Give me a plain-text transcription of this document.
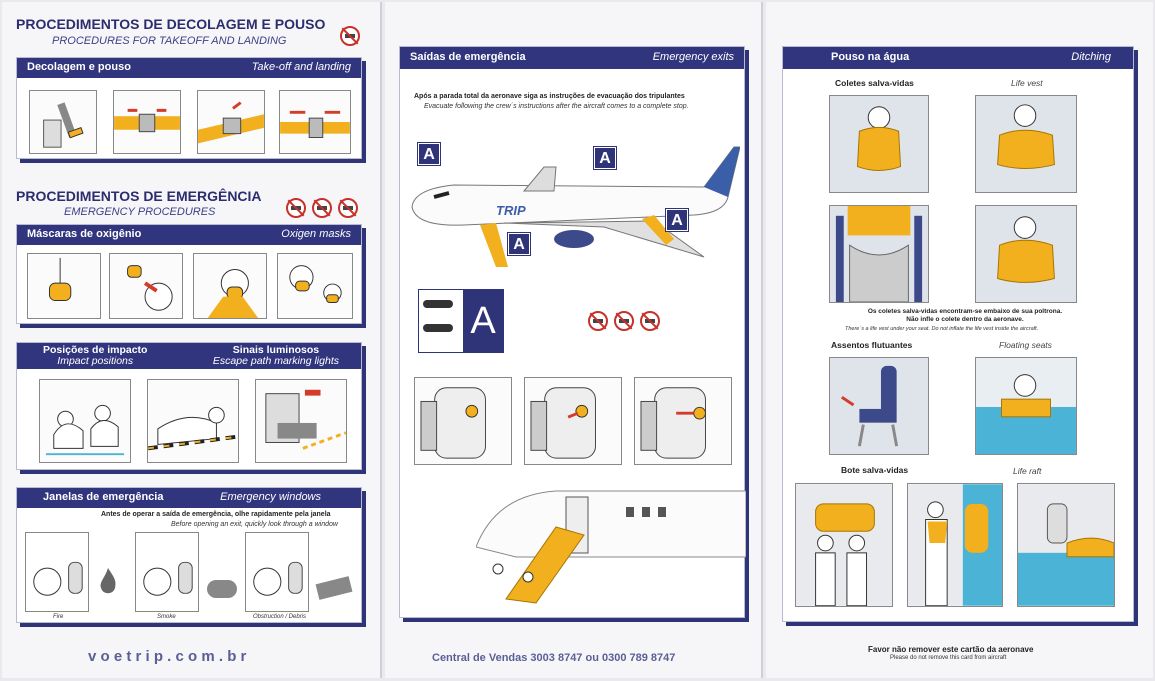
PROCEDIMENTOS DE DECOLAGEM E POUSO
PROCEDURES FOR TAKEOFF AND LANDING
Decolagem e pouso	Take-off and landing
PROCEDIMENTOS DE EMERGÊNCIA
EMERGENCY PROCEDURES
Máscaras de oxigênio	Oxigen masks
Posições de impacto
Impact positions
Sinais luminosos
Escape path marking lights
Janelas de emergência	Emergency windows
Antes de operar a saída de emergência, olhe rapidamente pela janela
Before opening an exit, quickly look through a window
Fire	Smoke	Obstruction / Debris
v o e t r i p . c o m . b r
Saídas de emergência	Emergency exits
Após a parada total da aeronave siga as instruções de evacuação dos tripulantes
Evacuate following the crew´s instructions after the aircraft comes to a complete stop.
TRIP
A	A
A
A
A
Central de Vendas 3003 8747 ou 0300 789 8747
Pouso na água	Ditching
Coletes salva-vidas	Life vest
Os coletes salva-vidas encontram-se embaixo de sua poltrona. Não infle o colete dentro da aeronave.
There´s a life vest under your seat. Do not inflate the life vest inside the aircraft.
Assentos flutuantes	Floating seats
Bote salva-vidas	Life raft
Favor não remover este cartão da aeronave
Please do not remove this card from aircraft
